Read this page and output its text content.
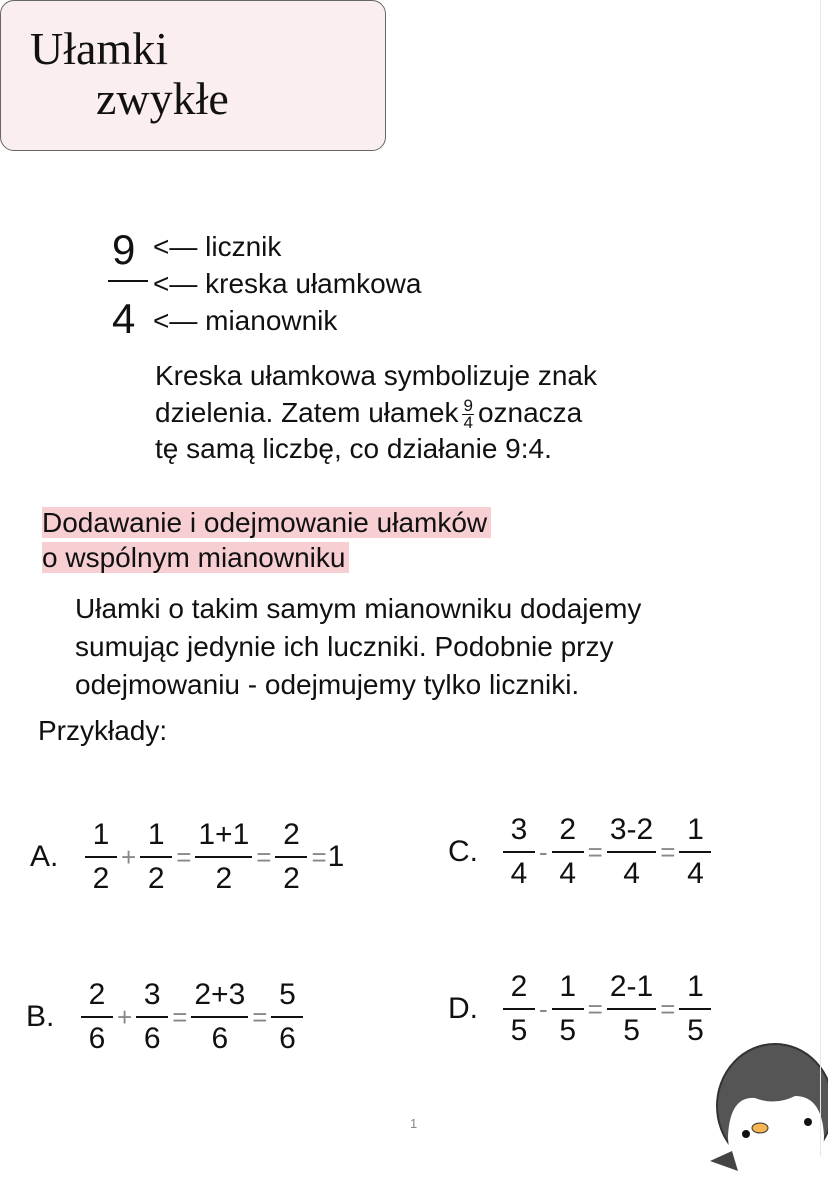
Ułamki
zwykłe
9
4
<— licznik
<— kreska ułamkowa
<— mianownik
Kreska ułamkowa symbolizuje znak
dzielenia. Zatem ułamek $\frac{9}{4}$ oznacza
tę samą liczbę, co działanie 9:4.
Dodawanie i odejmowanie ułamków
o wspólnym mianowniku
Ułamki o takim samym mianowniku dodajemy
sumując jedynie ich luczniki. Podobnie przy
odejmowaniu - odejmujemy tylko liczniki.
Przykłady:
A. $\frac{1}{2} + \frac{1}{2} = \frac{1+1}{2} = \frac{2}{2} = 1$
B. $\frac{2}{6} + \frac{3}{6} = \frac{2+3}{6} = \frac{5}{6}$
C. $\frac{3}{4} - \frac{2}{4} = \frac{3-2}{4} = \frac{1}{4}$
D. $\frac{2}{5} - \frac{1}{5} = \frac{2-1}{5} = \frac{1}{5}$
1
